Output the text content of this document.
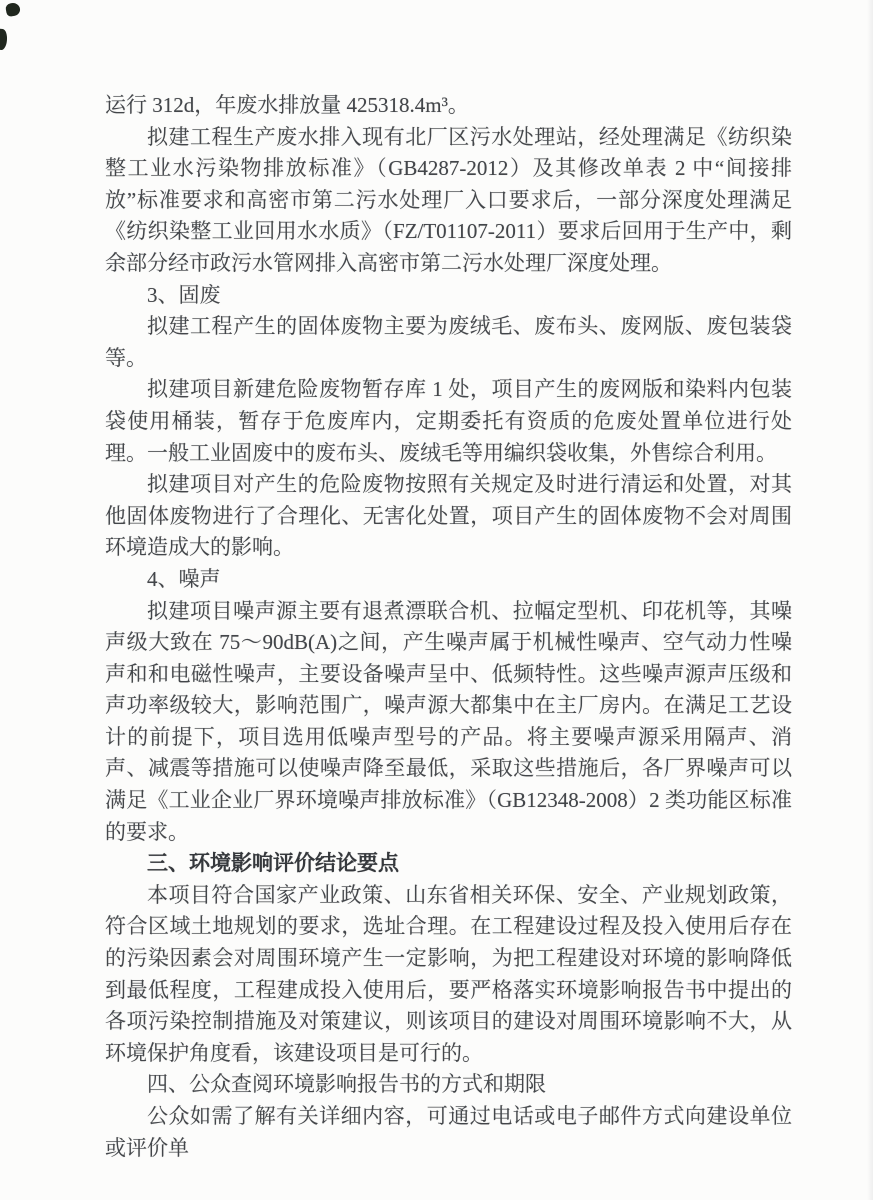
运行 312d，年废水排放量 425318.4m³。

拟建工程生产废水排入现有北厂区污水处理站，经处理满足《纺织染整工业水污染物排放标准》（GB4287-2012）及其修改单表 2 中“间接排放”标准要求和高密市第二污水处理厂入口要求后，一部分深度处理满足《纺织染整工业回用水水质》（FZ/T01107-2011）要求后回用于生产中，剩余部分经市政污水管网排入高密市第二污水处理厂深度处理。

3、固废

拟建工程产生的固体废物主要为废绒毛、废布头、废网版、废包装袋等。

拟建项目新建危险废物暂存库 1 处，项目产生的废网版和染料内包装袋使用桶装，暂存于危废库内，定期委托有资质的危废处置单位进行处理。一般工业固废中的废布头、废绒毛等用编织袋收集，外售综合利用。

拟建项目对产生的危险废物按照有关规定及时进行清运和处置，对其他固体废物进行了合理化、无害化处置，项目产生的固体废物不会对周围环境造成大的影响。

4、噪声

拟建项目噪声源主要有退煮漂联合机、拉幅定型机、印花机等，其噪声级大致在 75～90dB(A)之间，产生噪声属于机械性噪声、空气动力性噪声和和电磁性噪声，主要设备噪声呈中、低频特性。这些噪声源声压级和声功率级较大，影响范围广，噪声源大都集中在主厂房内。在满足工艺设计的前提下，项目选用低噪声型号的产品。将主要噪声源采用隔声、消声、减震等措施可以使噪声降至最低，采取这些措施后，各厂界噪声可以满足《工业企业厂界环境噪声排放标准》（GB12348-2008）2 类功能区标准的要求。

三、环境影响评价结论要点

本项目符合国家产业政策、山东省相关环保、安全、产业规划政策，符合区域土地规划的要求，选址合理。在工程建设过程及投入使用后存在的污染因素会对周围环境产生一定影响，为把工程建设对环境的影响降低到最低程度，工程建成投入使用后，要严格落实环境影响报告书中提出的各项污染控制措施及对策建议，则该项目的建设对周围环境影响不大，从环境保护角度看，该建设项目是可行的。

四、公众查阅环境影响报告书的方式和期限

公众如需了解有关详细内容，可通过电话或电子邮件方式向建设单位或评价单
